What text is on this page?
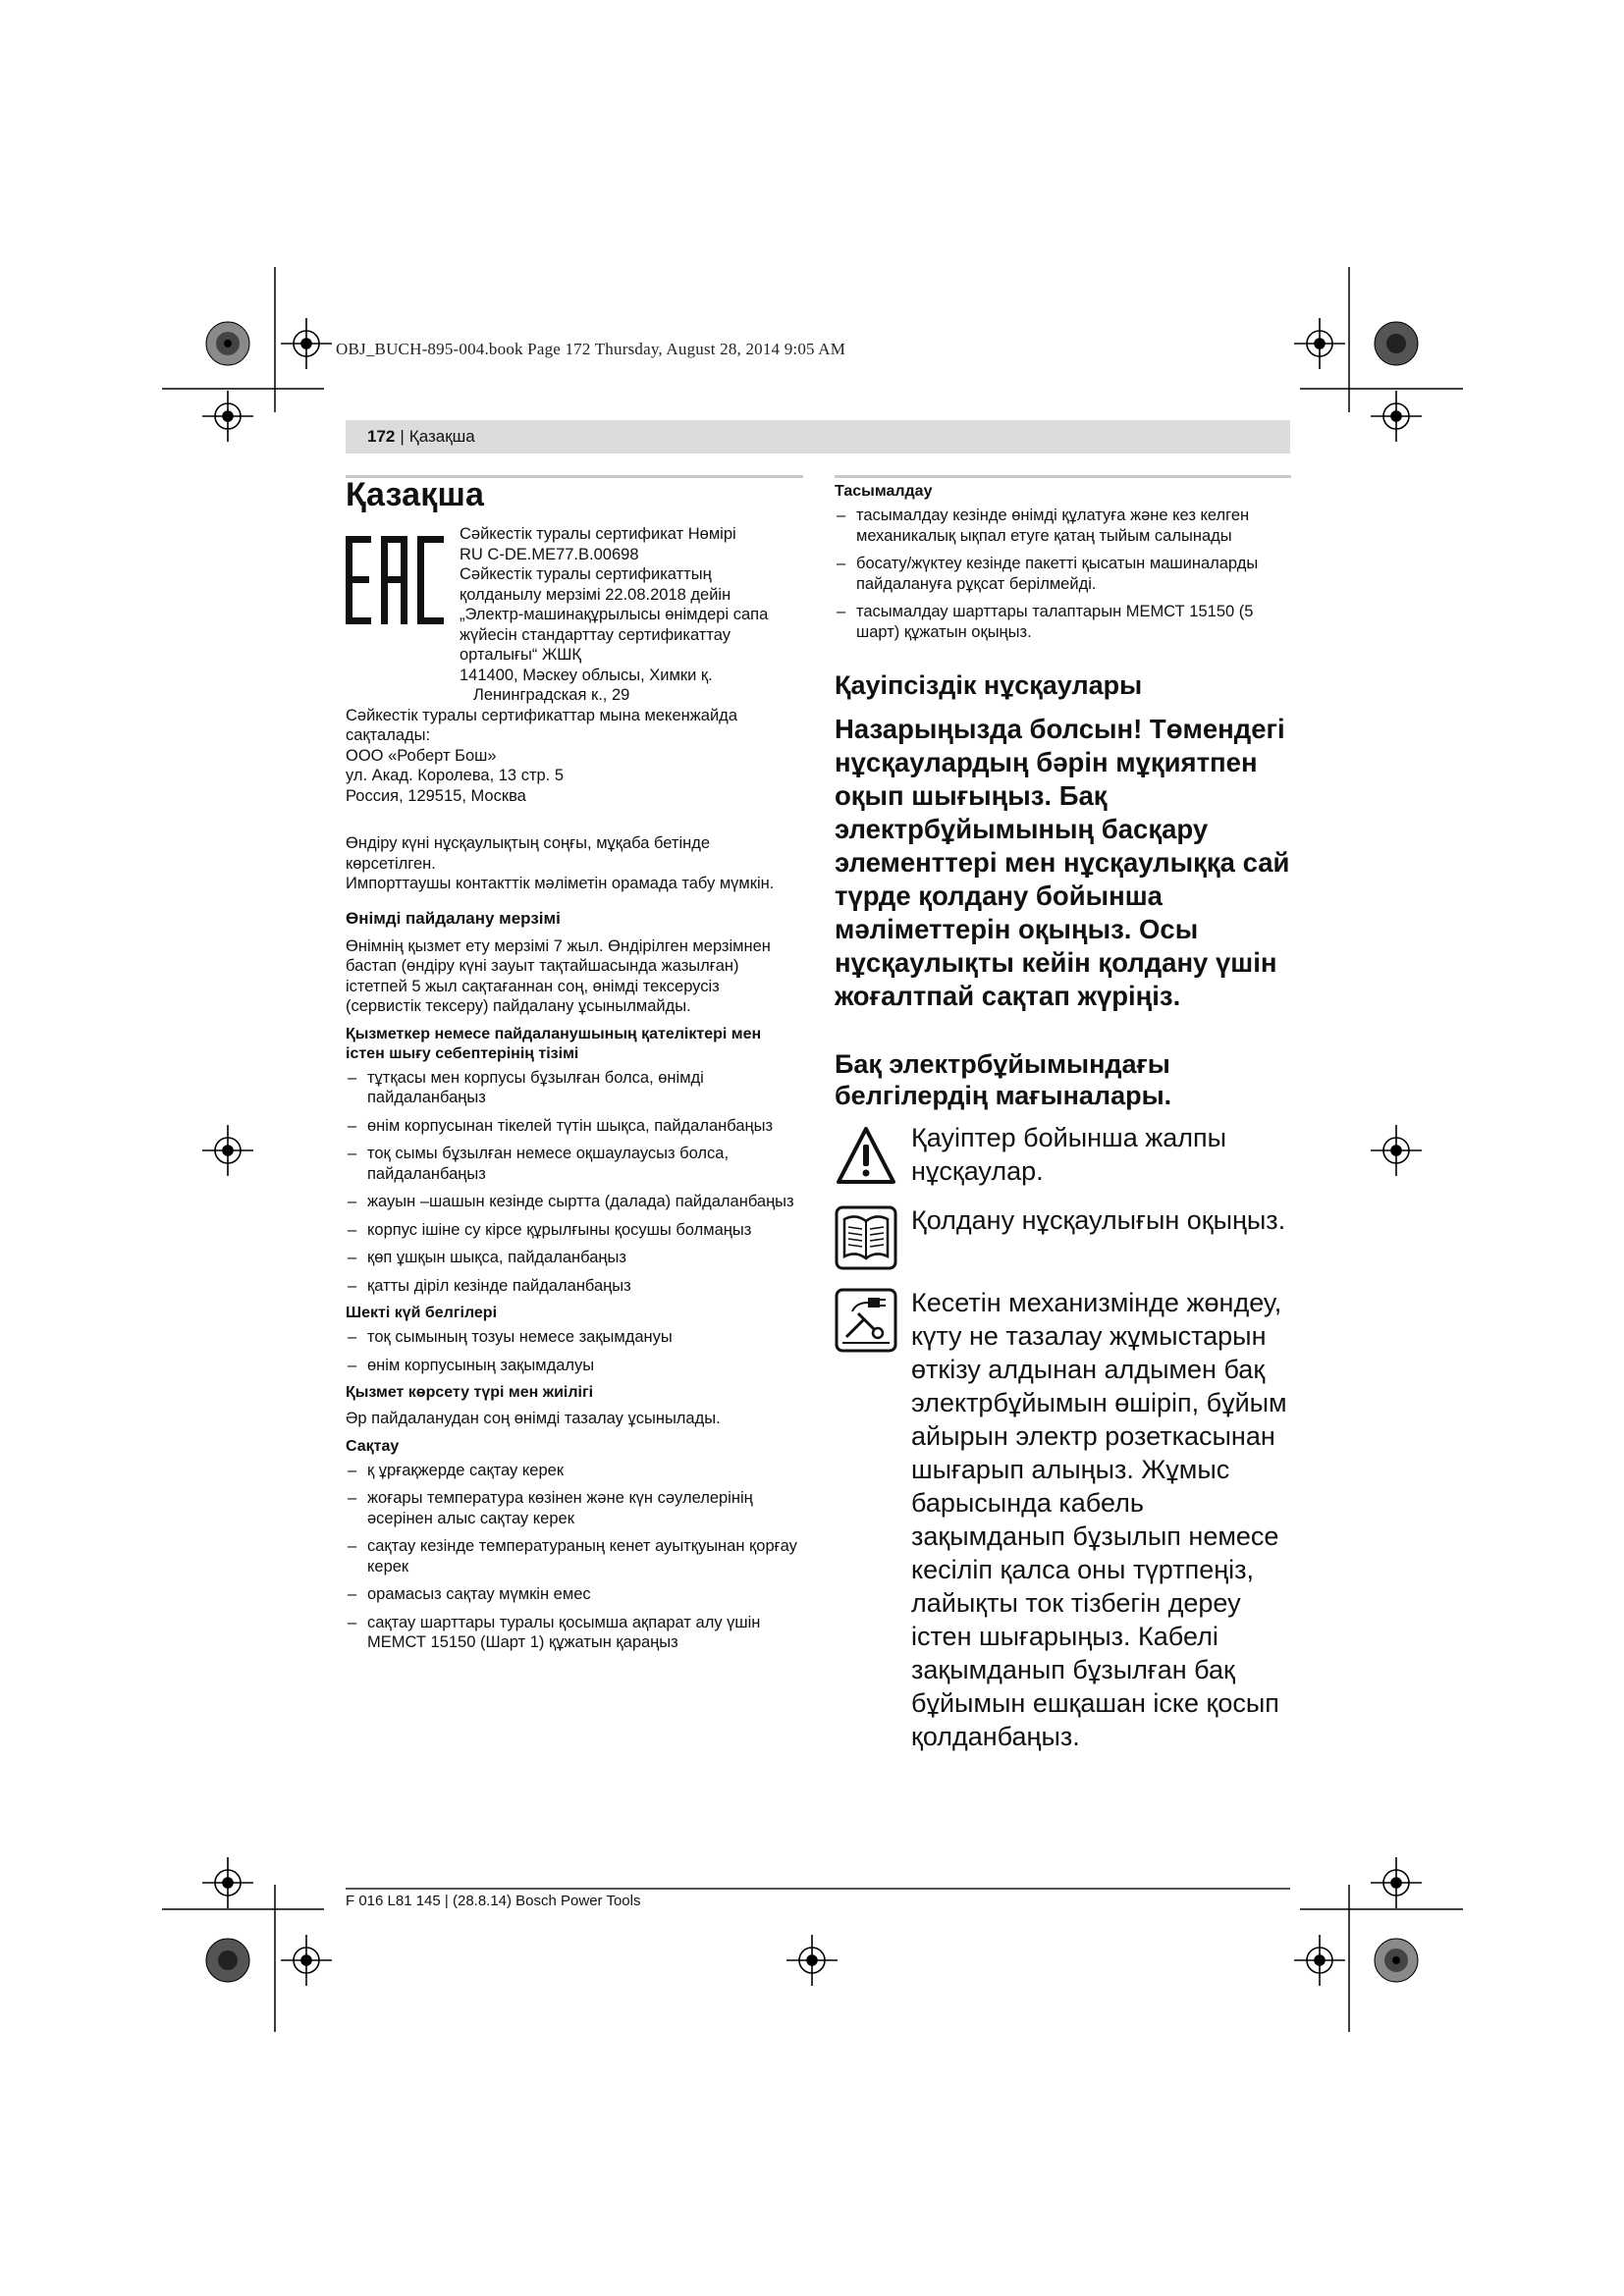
OBJ_BUCH-895-004.book Page 172 Thursday, August 28, 2014 9:05 AM
172 | Қазақша
Қазақша
Сәйкестік туралы сертификат Нөмірі
RU C-DE.ME77.B.00698
Сәйкестік туралы сертификаттың
қолданылу мерзімі 22.08.2018 дейін
„Электр-машинақұрылысы өнімдері сапа
жүйесін стандарттау сертификаттау
орталығы“ ЖШҚ
141400, Мәскеу облысы, Химки қ.
Ленинградская к., 29
Сәйкестік туралы сертификаттар мына мекенжайда
сақталады:
ООО «Роберт Бош»
ул. Акад. Королева, 13 стр. 5
Россия, 129515, Москва
Өндіру күні нұсқаулықтың соңғы, мұқаба бетінде
көрсетілген.
Импорттаушы контакттік мәліметін орамада табу мүмкін.
Өнімді пайдалану мерзімі
Өнімнің қызмет ету мерзімі 7 жыл. Өндірілген мерзімнен
бастап (өндіру күні зауыт тақтайшасында жазылған)
істетпей 5 жыл сақтағаннан соң, өнімді тексерусіз
(сервистік тексеру) пайдалану ұсынылмайды.
Қызметкер немесе пайдаланушының қателіктері мен істен шығу себептерінің тізімі
– тұтқасы мен корпусы бұзылған болса, өнімді пайдаланбаңыз
– өнім корпусынан тікелей түтін шықса, пайдаланбаңыз
– тоқ сымы бұзылған немесе оқшаулаусыз болса, пайдаланбаңыз
– жауын –шашын кезінде сыртта (далада) пайдаланбаңыз
– корпус ішіне су кірсе құрылғыны қосушы болмаңыз
– қөп ұшқын шықса, пайдаланбаңыз
– қатты діріл кезінде пайдаланбаңыз
Шекті күй белгілері
– тоқ сымының тозуы немесе зақымдануы
– өнім корпусының зақымдалуы
Қызмет көрсету түрі мен жиілігі
Әр пайдаланудан соң өнімді тазалау ұсынылады.
Сақтау
– қ ұрғақжерде сақтау керек
– жоғары температура көзінен және күн сәулелерінің әсерінен алыс сақтау керек
– сақтау кезінде температураның кенет ауытқуынан қорғау керек
– орамасыз сақтау мүмкін емес
– сақтау шарттары туралы қосымша ақпарат алу үшін МЕМСТ 15150 (Шарт 1) құжатын қараңыз
Тасымалдау
– тасымалдау кезінде өнімді құлатуға және кез келген механикалық ықпал етуге қатаң тыйым салынады
– босату/жүктеу кезінде пакетті қысатын машиналарды пайдалануға рұқсат берілмейді.
– тасымалдау шарттары талаптарын МЕМСТ 15150 (5 шарт) құжатын оқыңыз.
Қауіпсіздік нұсқаулары
Назарыңызда болсын! Төмендегі нұсқаулардың бәрін мұқиятпен оқып шығыңыз. Бақ электрбұйымының басқару элементтері мен нұсқаулыққа сай түрде қолдану бойынша мәліметтерін оқыңыз. Осы нұсқаулықты кейін қолдану үшін жоғалтпай сақтап жүріңіз.
Бақ электрбұйымындағы белгілердің мағыналары.
Қауіптер бойынша жалпы нұсқаулар.
Қолдану нұсқаулығын оқыңыз.
Кесетін механизмінде жөндеу, күту не тазалау жұмыстарын өткізу алдынан алдымен бақ электрбұйымын өшіріп, бұйым айырын электр розеткасынан шығарып алыңыз. Жұмыс барысында кабель зақымданып бұзылып немесе кесіліп қалса оны түртпеңіз, лайықты ток тізбегін дереу істен шығарыңыз. Кабелі зақымданып бұзылған бақ бұйымын ешқашан іске қосып қолданбаңыз.
F 016 L81 145 | (28.8.14) Bosch Power Tools
